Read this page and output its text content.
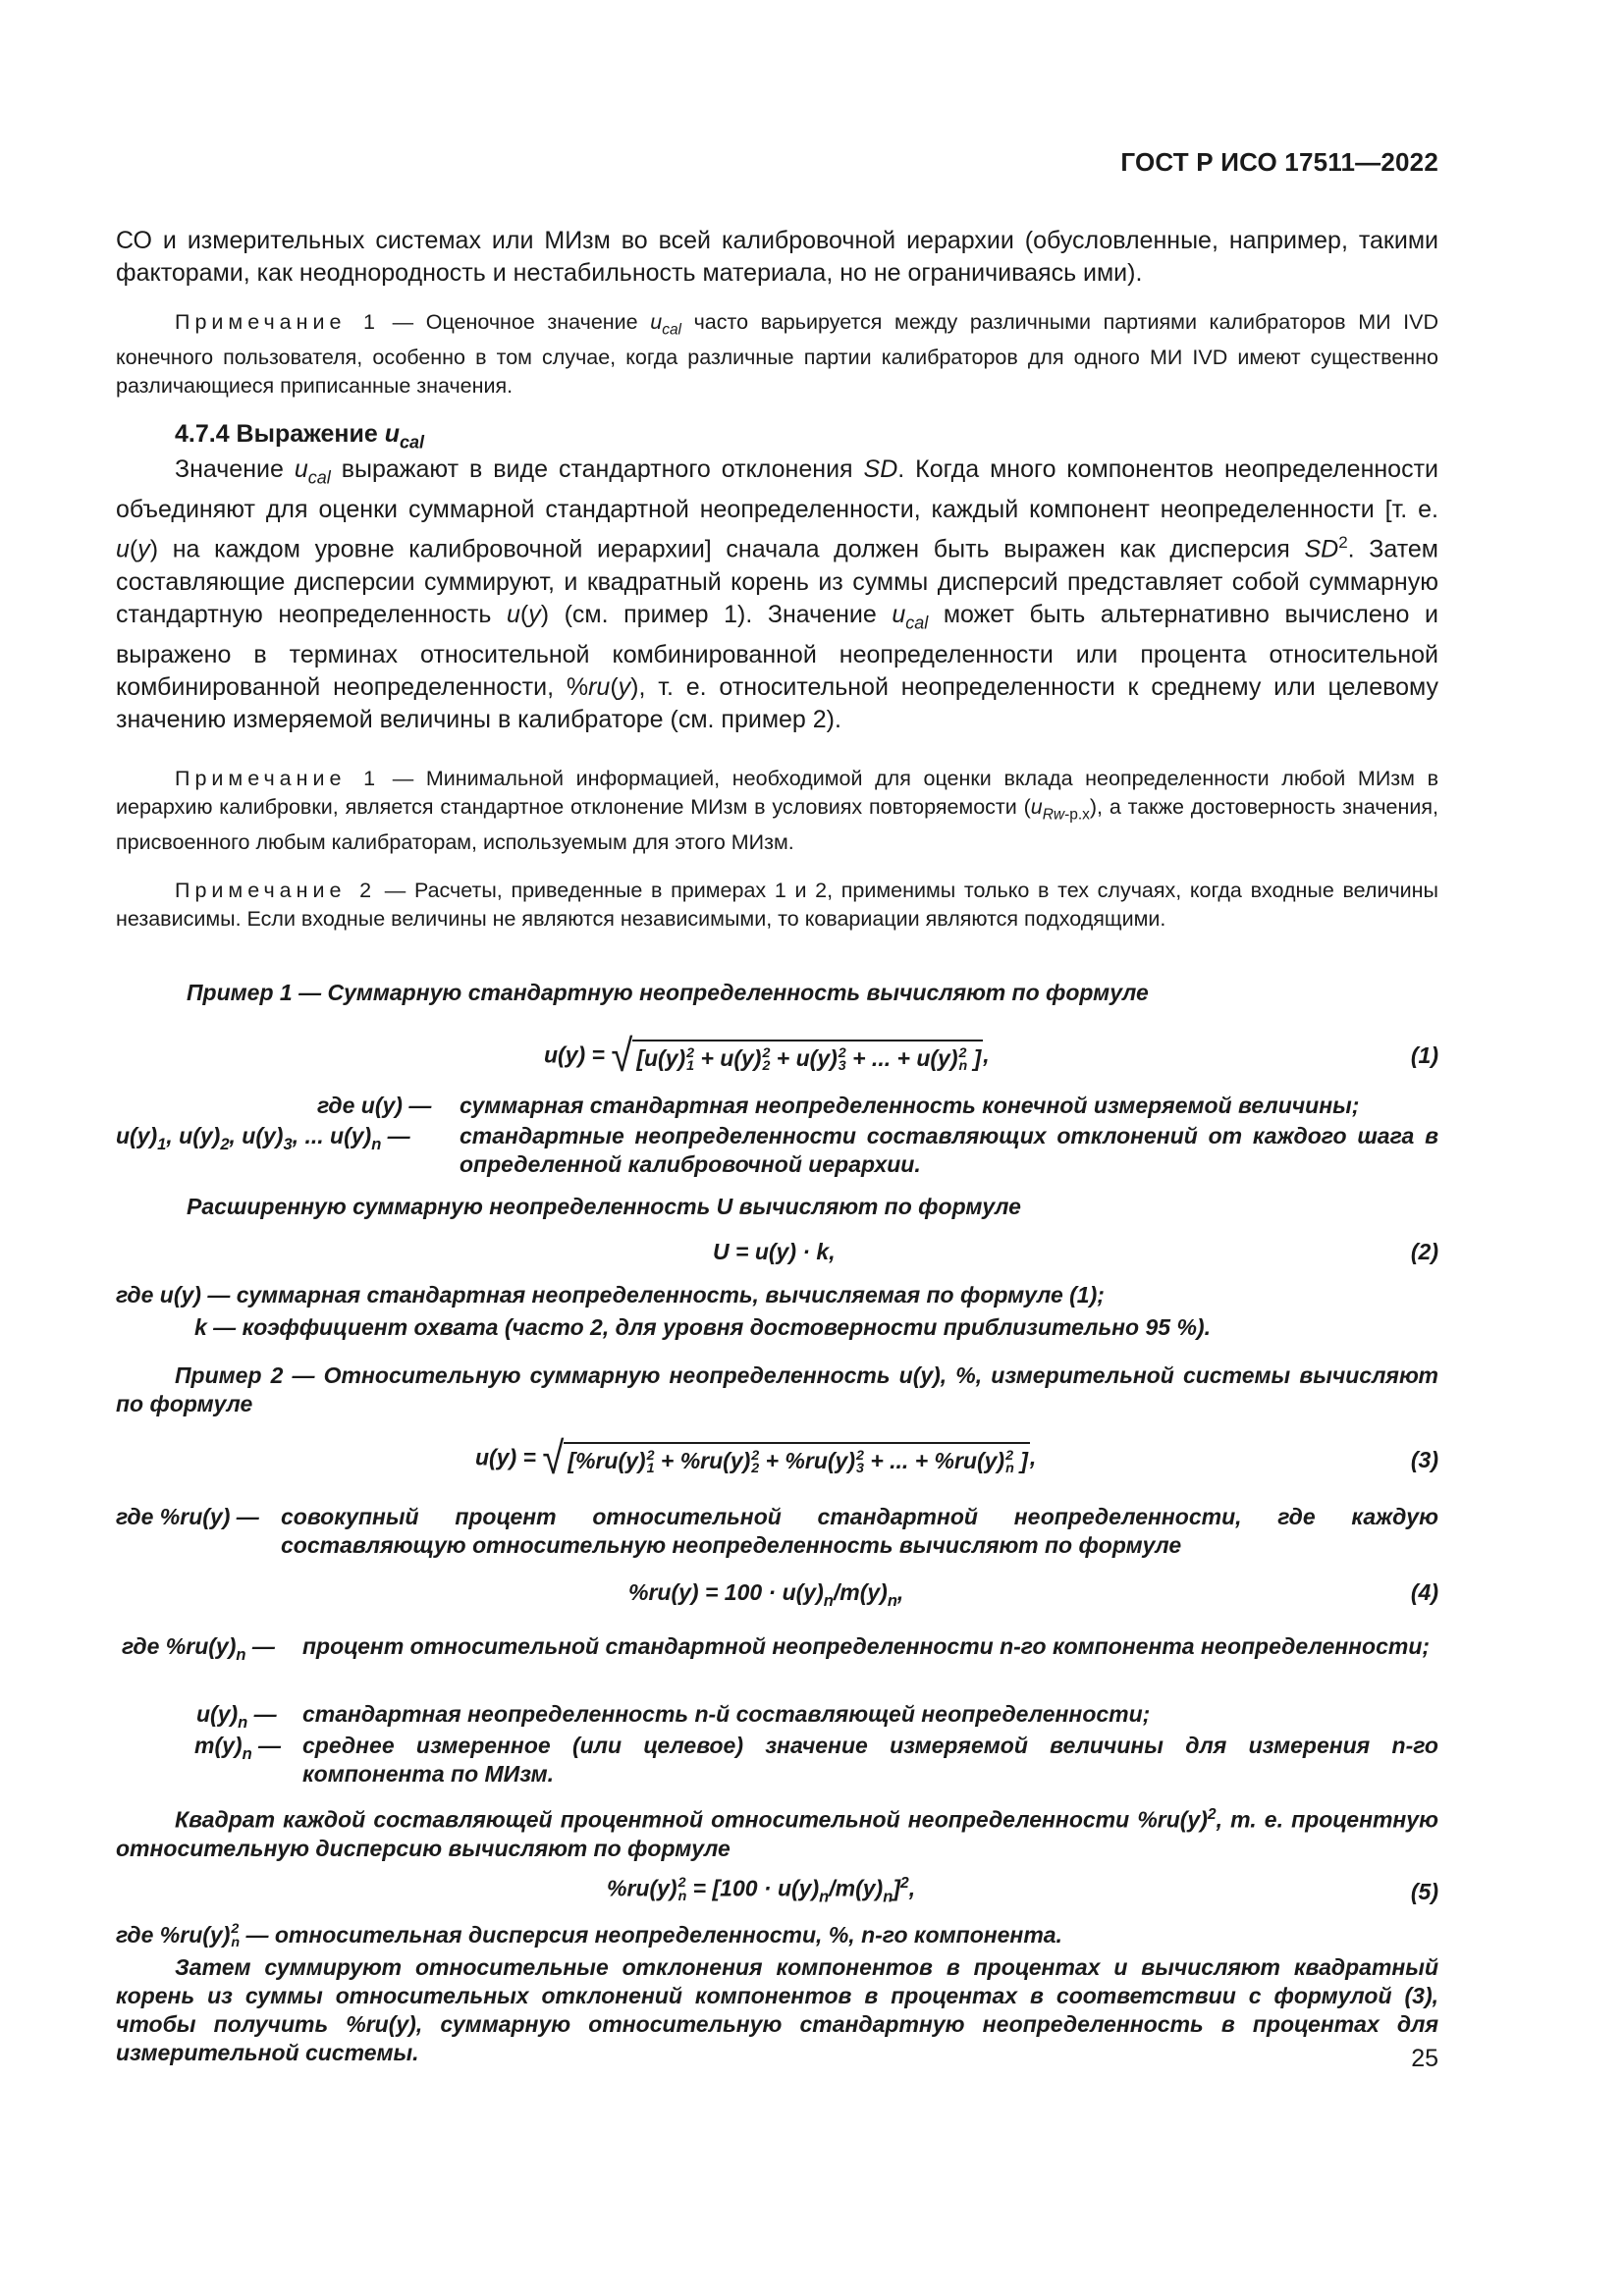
ГОСТ Р ИСО 17511—2022
СО и измерительных системах или МИзм во всей калибровочной иерархии (обусловленные, например, такими факторами, как неоднородность и нестабильность материала, но не ограничиваясь ими).
Примечание 1 — Оценочное значение $u_{cal}$ часто варьируется между различными партиями калибраторов МИ IVD конечного пользователя, особенно в том случае, когда различные партии калибраторов для одного МИ IVD имеют существенно различающиеся приписанные значения.
4.7.4 Выражение $u_{cal}$
Значение $u_{cal}$ выражают в виде стандартного отклонения SD. Когда много компонентов неопределенности объединяют для оценки суммарной стандартной неопределенности, каждый компонент неопределенности [т. е. u(y) на каждом уровне калибровочной иерархии] сначала должен быть выражен как дисперсия $SD^2$. Затем составляющие дисперсии суммируют, и квадратный корень из суммы дисперсий представляет собой суммарную стандартную неопределенность u(y) (см. пример 1). Значение $u_{cal}$ может быть альтернативно вычислено и выражено в терминах относительной комбинированной неопределенности или процента относительной комбинированной неопределенности, %ru(y), т. е. относительной неопределенности к среднему или целевому значению измеряемой величины в калибраторе (см. пример 2).
Примечание 1 — Минимальной информацией, необходимой для оценки вклада неопределенности любой МИзм в иерархию калибровки, является стандартное отклонение МИзм в условиях повторяемости $(u_{Rw-р.х})$, а также достоверность значения, присвоенного любым калибраторам, используемым для этого МИзм.
Примечание 2 — Расчеты, приведенные в примерах 1 и 2, применимы только в тех случаях, когда входные величины независимы. Если входные величины не являются независимыми, то ковариации являются подходящими.
Пример 1 — Суммарную стандартную неопределенность вычисляют по формуле
u(y) = √ [u(y) 2
1 + u(y) 2
2 + u(y) 2
3 + ... + u(y) 2
n ],	(1)
где u(y) — суммарная стандартная неопределенность конечной измеряемой величины;
$u(y)_1$, $u(y)_2$, $u(y)_3$, ... $u(y)_n$ — стандартные неопределенности составляющих отклонений от каждого шага в определенной калибровочной иерархии.
Расширенную суммарную неопределенность U вычисляют по формуле
U = u(y) · k,	(2)
где u(y) — суммарная стандартная неопределенность, вычисляемая по формуле (1);
k — коэффициент охвата (часто 2, для уровня достоверности приблизительно 95 %).
Пример 2 — Относительную суммарную неопределенность u(y), %, измерительной системы вычисляют по формуле
u(y) = √ [%ru(y) 2
1 + %ru(y) 2
2 + %ru(y) 2
3 + ... + %ru(y) 2
n ],	(3)
где %ru(y) — совокупный процент относительной стандартной неопределенности, где каждую составляющую относительную неопределенность вычисляют по формуле
$\%ru(y) = 100 \cdot u(y)_n/m(y)_n$,	(4)
где $\%ru(y)_n$ — процент относительной стандартной неопределенности n-го компонента неопределенности;
$u(y)_n$ — стандартная неопределенность n-й составляющей неопределенности;
$m(y)_n$ — среднее измеренное (или целевое) значение измеряемой величины для измерения n-го компонента по МИзм.
Квадрат каждой составляющей процентной относительной неопределенности $\%ru(y)^2$, т. е. процентную относительную дисперсию вычисляют по формуле
%ru(y) 2
$n = [100 \cdot u(y)_n/m(y)_n]^2$,	(5)
где %ru(y) 2
n — относительная дисперсия неопределенности, %, n-го компонента.
Затем суммируют относительные отклонения компонентов в процентах и вычисляют квадратный корень из суммы относительных отклонений компонентов в процентах в соответствии с формулой (3), чтобы получить %ru(y), суммарную относительную стандартную неопределенность в процентах для измерительной системы.	25
